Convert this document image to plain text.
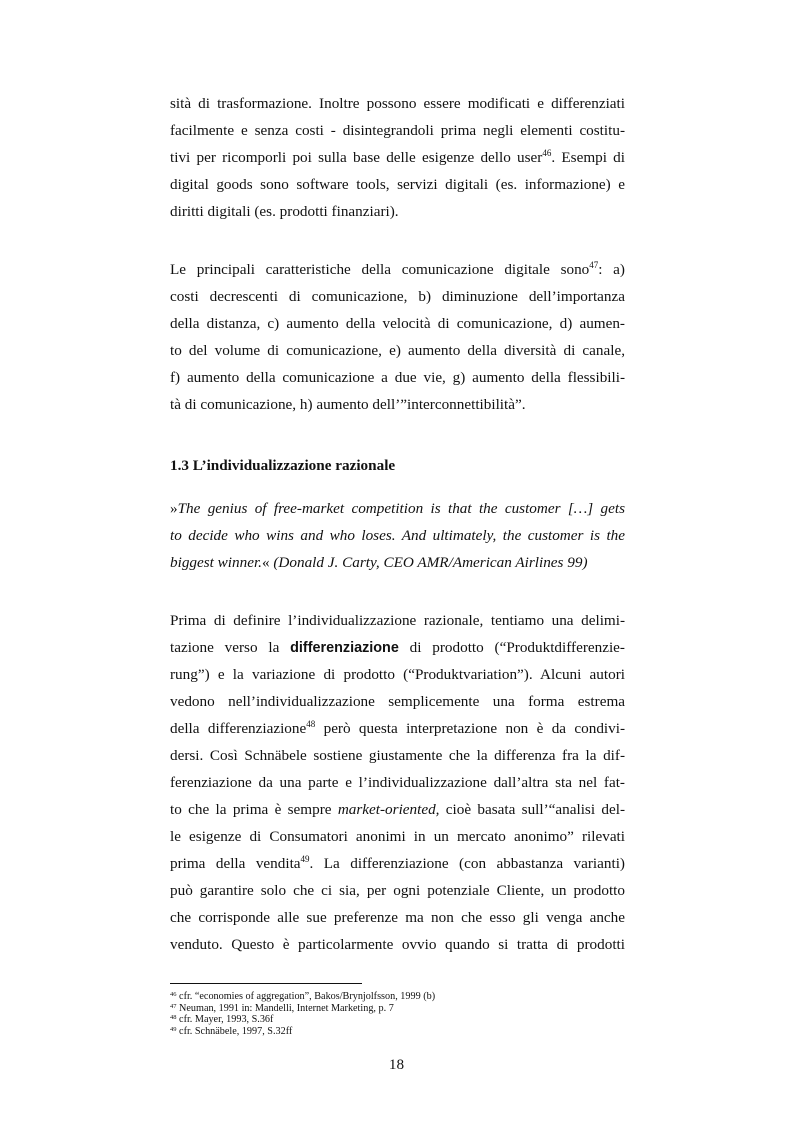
sità di trasformazione. Inoltre possono essere modificati e differenziati
facilmente e senza costi - disintegrandoli prima negli elementi costitu-
tivi per ricomporli poi sulla base delle esigenze dello user$^{46}$. Esempi di
digital goods sono software tools, servizi digitali (es. informazione) e
diritti digitali (es. prodotti finanziari).
Le principali caratteristiche della comunicazione digitale sono$^{47}$: a)
costi decrescenti di comunicazione, b) diminuzione dell’importanza
della distanza, c) aumento della velocità di comunicazione, d) aumen-
to del volume di comunicazione, e) aumento della diversità di canale,
f) aumento della comunicazione a due vie, g) aumento della flessibili-
tà di comunicazione, h) aumento dell’”interconnettibilità”.
1.3 L’individualizzazione razionale
»The genius of free-market competition is that the customer […] gets
to decide who wins and who loses. And ultimately, the customer is the
biggest winner.« (Donald J. Carty, CEO AMR/American Airlines 99)
Prima di definire l’individualizzazione razionale, tentiamo una delimi-
tazione verso la differenziazione di prodotto (“Produktdifferenzie-
rung”) e la variazione di prodotto (“Produktvariation”). Alcuni autori
vedono nell’individualizzazione semplicemente una forma estrema
della differenziazione$^{48}$ però questa interpretazione non è da condivi-
dersi. Così Schnäbele sostiene giustamente che la differenza fra la dif-
ferenziazione da una parte e l’individualizzazione dall’altra sta nel fat-
to che la prima è sempre market-oriented, cioè basata sull’“analisi del-
le esigenze di Consumatori anonimi in un mercato anonimo” rilevati
prima della vendita$^{49}$. La differenziazione (con abbastanza varianti)
può garantire solo che ci sia, per ogni potenziale Cliente, un prodotto
che corrisponde alle sue preferenze ma non che esso gli venga anche
venduto. Questo è particolarmente ovvio quando si tratta di prodotti
$^{46}$ cfr. “economies of aggregation”, Bakos/Brynjolfsson, 1999 (b)
$^{47}$ Neuman, 1991 in: Mandelli, Internet Marketing, p. 7
$^{48}$ cfr. Mayer, 1993, S.36f
$^{49}$ cfr. Schnäbele, 1997, S.32ff
18
